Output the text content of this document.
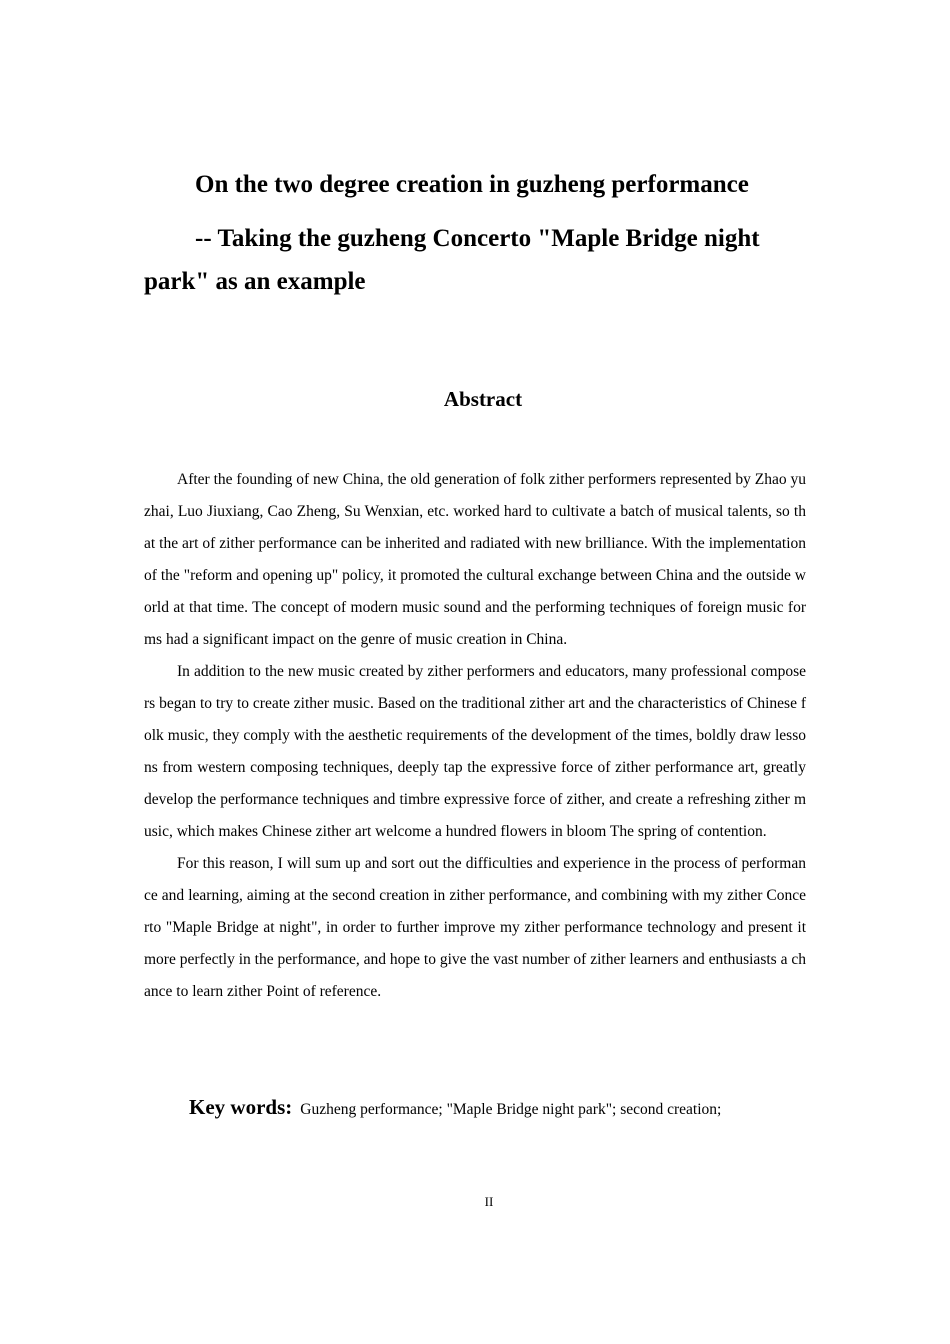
On the two degree creation in guzheng performance
-- Taking the guzheng Concerto "Maple Bridge night
park" as an example
Abstract

After the founding of new China, the old generation of folk zither performers represented by Zhao yuzhai, Luo Jiuxiang, Cao Zheng, Su Wenxian, etc. worked hard to cultivate a batch of musical talents, so that the art of zither performance can be inherited and radiated with new brilliance. With the implementation of the "reform and opening up" policy, it promoted the cultural exchange between China and the outside world at that time. The concept of modern music sound and the performing techniques of foreign music forms had a significant impact on the genre of music creation in China.

In addition to the new music created by zither performers and educators, many professional composers began to try to create zither music. Based on the traditional zither art and the characteristics of Chinese folk music, they comply with the aesthetic requirements of the development of the times, boldly draw lessons from western composing techniques, deeply tap the expressive force of zither performance art, greatly develop the performance techniques and timbre expressive force of zither, and create a refreshing zither music, which makes Chinese zither art welcome a hundred flowers in bloom The spring of contention.

For this reason, I will sum up and sort out the difficulties and experience in the process of performance and learning, aiming at the second creation in zither performance, and combining with my zither Concerto "Maple Bridge at night", in order to further improve my zither performance technology and present it more perfectly in the performance, and hope to give the vast number of zither learners and enthusiasts a chance to learn zither Point of reference.

Key words: Guzheng performance; "Maple Bridge night park"; second creation;
II
